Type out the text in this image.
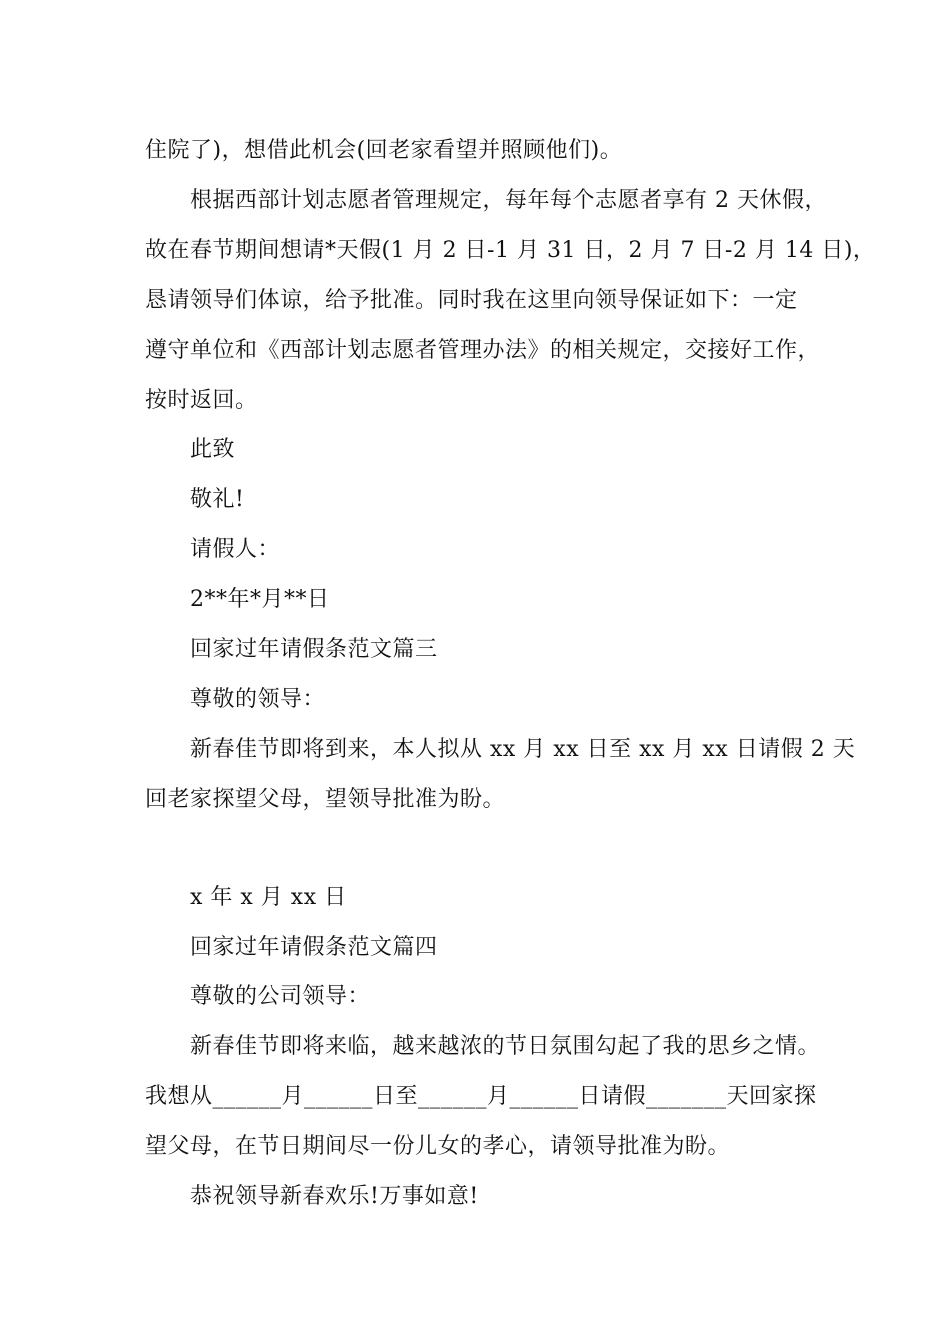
住院了)，想借此机会(回老家看望并照顾他们)。
根据西部计划志愿者管理规定，每年每个志愿者享有 2 天休假，
故在春节期间想请*天假(1 月 2 日-1 月 31 日，2 月 7 日-2 月 14 日)，
恳请领导们体谅，给予批准。同时我在这里向领导保证如下：一定
遵守单位和《西部计划志愿者管理办法》的相关规定，交接好工作，
按时返回。
此致
敬礼!
请假人：
2**年*月**日
回家过年请假条范文篇三
尊敬的领导：
新春佳节即将到来，本人拟从 xx 月 xx 日至 xx 月 xx 日请假 2 天
回老家探望父母，望领导批准为盼。
x 年 x 月 xx 日
回家过年请假条范文篇四
尊敬的公司领导：
新春佳节即将来临，越来越浓的节日氛围勾起了我的思乡之情。
我想从______月______日至______月______日请假_______天回家探
望父母，在节日期间尽一份儿女的孝心，请领导批准为盼。
恭祝领导新春欢乐!万事如意!
